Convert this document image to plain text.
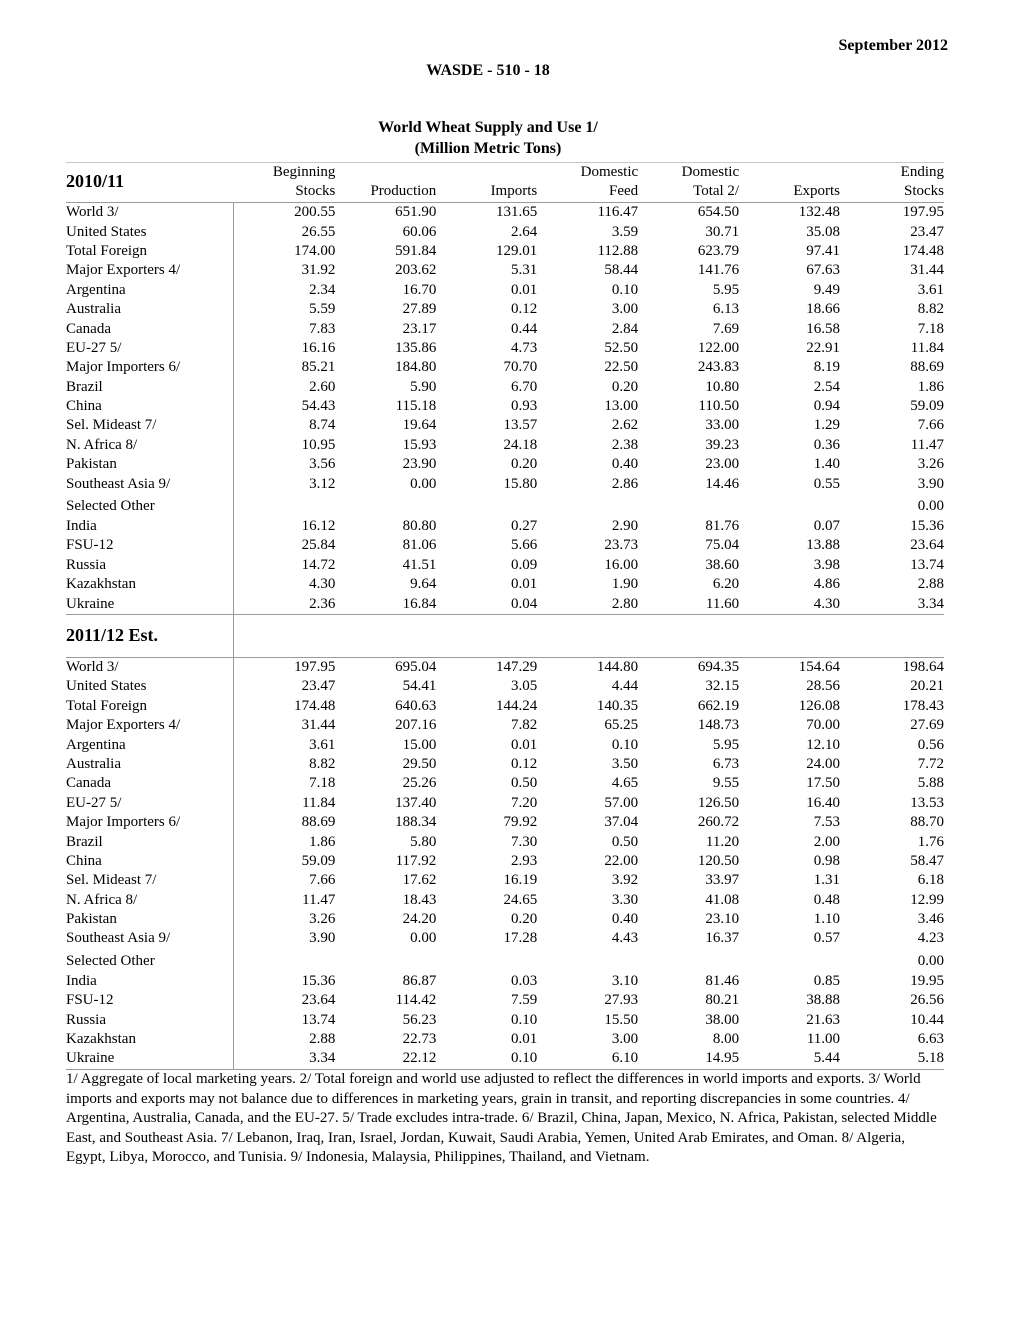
September 2012
WASDE - 510 - 18
World Wheat Supply and Use 1/
(Million Metric Tons)
2010/11	Beginning			Domestic	Domestic		Ending
	Stocks	Production	Imports	Feed	Total 2/	Exports	Stocks
World 3/	200.55	651.90	131.65	116.47	654.50	132.48	197.95
United States	26.55	60.06	2.64	3.59	30.71	35.08	23.47
Total Foreign	174.00	591.84	129.01	112.88	623.79	97.41	174.48
Major Exporters 4/	31.92	203.62	5.31	58.44	141.76	67.63	31.44
Argentina	2.34	16.70	0.01	0.10	5.95	9.49	3.61
Australia	5.59	27.89	0.12	3.00	6.13	18.66	8.82
Canada	7.83	23.17	0.44	2.84	7.69	16.58	7.18
EU-27 5/	16.16	135.86	4.73	52.50	122.00	22.91	11.84
Major Importers 6/	85.21	184.80	70.70	22.50	243.83	8.19	88.69
Brazil	2.60	5.90	6.70	0.20	10.80	2.54	1.86
China	54.43	115.18	0.93	13.00	110.50	0.94	59.09
Sel. Mideast 7/	8.74	19.64	13.57	2.62	33.00	1.29	7.66
N. Africa 8/	10.95	15.93	24.18	2.38	39.23	0.36	11.47
Pakistan	3.56	23.90	0.20	0.40	23.00	1.40	3.26
Southeast Asia 9/	3.12	0.00	15.80	2.86	14.46	0.55	3.90
Selected Other							0.00
India	16.12	80.80	0.27	2.90	81.76	0.07	15.36
FSU-12	25.84	81.06	5.66	23.73	75.04	13.88	23.64
Russia	14.72	41.51	0.09	16.00	38.60	3.98	13.74
Kazakhstan	4.30	9.64	0.01	1.90	6.20	4.86	2.88
Ukraine	2.36	16.84	0.04	2.80	11.60	4.30	3.34
2011/12 Est.							
World 3/	197.95	695.04	147.29	144.80	694.35	154.64	198.64
United States	23.47	54.41	3.05	4.44	32.15	28.56	20.21
Total Foreign	174.48	640.63	144.24	140.35	662.19	126.08	178.43
Major Exporters 4/	31.44	207.16	7.82	65.25	148.73	70.00	27.69
Argentina	3.61	15.00	0.01	0.10	5.95	12.10	0.56
Australia	8.82	29.50	0.12	3.50	6.73	24.00	7.72
Canada	7.18	25.26	0.50	4.65	9.55	17.50	5.88
EU-27 5/	11.84	137.40	7.20	57.00	126.50	16.40	13.53
Major Importers 6/	88.69	188.34	79.92	37.04	260.72	7.53	88.70
Brazil	1.86	5.80	7.30	0.50	11.20	2.00	1.76
China	59.09	117.92	2.93	22.00	120.50	0.98	58.47
Sel. Mideast 7/	7.66	17.62	16.19	3.92	33.97	1.31	6.18
N. Africa 8/	11.47	18.43	24.65	3.30	41.08	0.48	12.99
Pakistan	3.26	24.20	0.20	0.40	23.10	1.10	3.46
Southeast Asia 9/	3.90	0.00	17.28	4.43	16.37	0.57	4.23
Selected Other							0.00
India	15.36	86.87	0.03	3.10	81.46	0.85	19.95
FSU-12	23.64	114.42	7.59	27.93	80.21	38.88	26.56
Russia	13.74	56.23	0.10	15.50	38.00	21.63	10.44
Kazakhstan	2.88	22.73	0.01	3.00	8.00	11.00	6.63
Ukraine	3.34	22.12	0.10	6.10	14.95	5.44	5.18
1/ Aggregate of local marketing years. 2/ Total foreign and world use adjusted to reflect the differences in world imports and exports. 3/ World imports and exports may not balance due to differences in marketing years, grain in transit, and reporting discrepancies in some countries. 4/ Argentina, Australia, Canada, and the EU-27. 5/ Trade excludes intra-trade. 6/ Brazil, China, Japan, Mexico, N. Africa, Pakistan, selected Middle East, and Southeast Asia. 7/ Lebanon, Iraq, Iran, Israel, Jordan, Kuwait, Saudi Arabia, Yemen, United Arab Emirates, and Oman. 8/ Algeria, Egypt, Libya, Morocco, and Tunisia. 9/ Indonesia, Malaysia, Philippines, Thailand, and Vietnam.
